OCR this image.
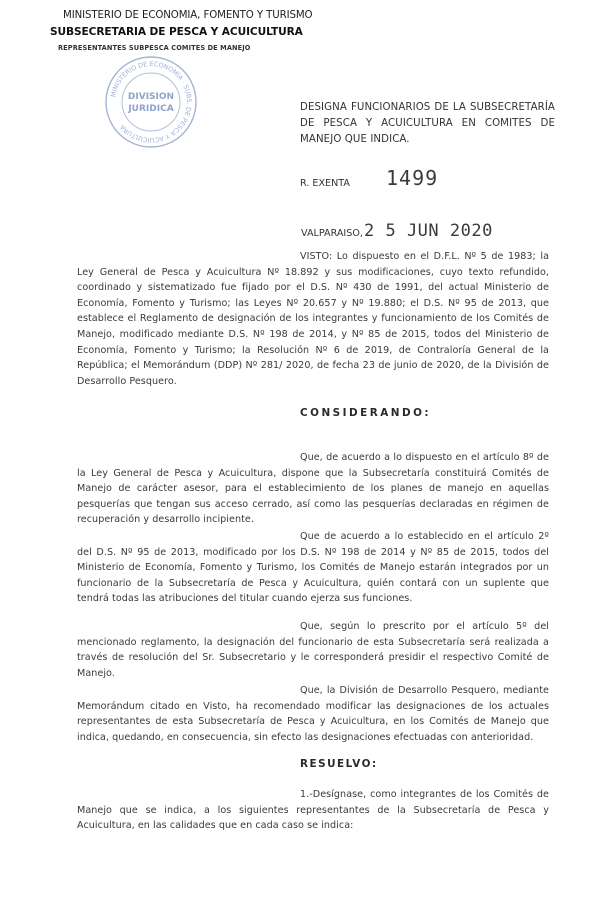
MINISTERIO DE ECONOMIA, FOMENTO Y TURISMO
SUBSECRETARIA DE PESCA Y ACUICULTURA
REPRESENTANTES SUBPESCA COMITES DE MANEJO
MINISTERIO DE ECONOMÍA · SUBS. DE PESCA Y ACUICULTURA
DIVISION
JURIDICA	DESIGNA FUNCIONARIOS DE LA SUBSECRETARÍA DE PESCA Y ACUICULTURA EN COMITES DE MANEJO QUE INDICA.
R. EXENTA 1499
VALPARAISO, 2 5 JUN 2020
VISTO: Lo dispuesto en el D.F.L. Nº 5 de 1983; la Ley General de Pesca y Acuicultura Nº 18.892 y sus modificaciones, cuyo texto refundido, coordinado y sistematizado fue fijado por el D.S. Nº 430 de 1991, del actual Ministerio de Economía, Fomento y Turismo; las Leyes Nº 20.657 y Nº 19.880; el D.S. Nº 95 de 2013, que establece el Reglamento de designación de los integrantes y funcionamiento de los Comités de Manejo, modificado mediante D.S. Nº 198 de 2014, y Nº 85 de 2015, todos del Ministerio de Economía, Fomento y Turismo; la Resolución Nº 6 de 2019, de Contraloría General de la República; el Memorándum (DDP) Nº 281/ 2020, de fecha 23 de junio de 2020, de la División de Desarrollo Pesquero.
CONSIDERANDO:
Que, de acuerdo a lo dispuesto en el artículo 8º de la Ley General de Pesca y Acuicultura, dispone que la Subsecretaría constituirá Comités de Manejo de carácter asesor, para el establecimiento de los planes de manejo en aquellas pesquerías que tengan sus acceso cerrado, así como las pesquerías declaradas en régimen de recuperación y desarrollo incipiente.
Que de acuerdo a lo establecido en el artículo 2º del D.S. Nº 95 de 2013, modificado por los D.S. Nº 198 de 2014 y Nº 85 de 2015, todos del Ministerio de Economía, Fomento y Turismo, los Comités de Manejo estarán integrados por un funcionario de la Subsecretaría de Pesca y Acuicultura, quién contará con un suplente que tendrá todas las atribuciones del titular cuando ejerza sus funciones.
Que, según lo prescrito por el artículo 5º del mencionado reglamento, la designación del funcionario de esta Subsecretaría será realizada a través de resolución del Sr. Subsecretario y le corresponderá presidir el respectivo Comité de Manejo.
Que, la División de Desarrollo Pesquero, mediante Memorándum citado en Visto, ha recomendado modificar las designaciones de los actuales representantes de esta Subsecretaría de Pesca y Acuicultura, en los Comités de Manejo que indica, quedando, en consecuencia, sin efecto las designaciones efectuadas con anterioridad.
RESUELVO:
1.-Desígnase, como integrantes de los Comités de Manejo que se indica, a los siguientes representantes de la Subsecretaría de Pesca y Acuicultura, en las calidades que en cada caso se indica:
